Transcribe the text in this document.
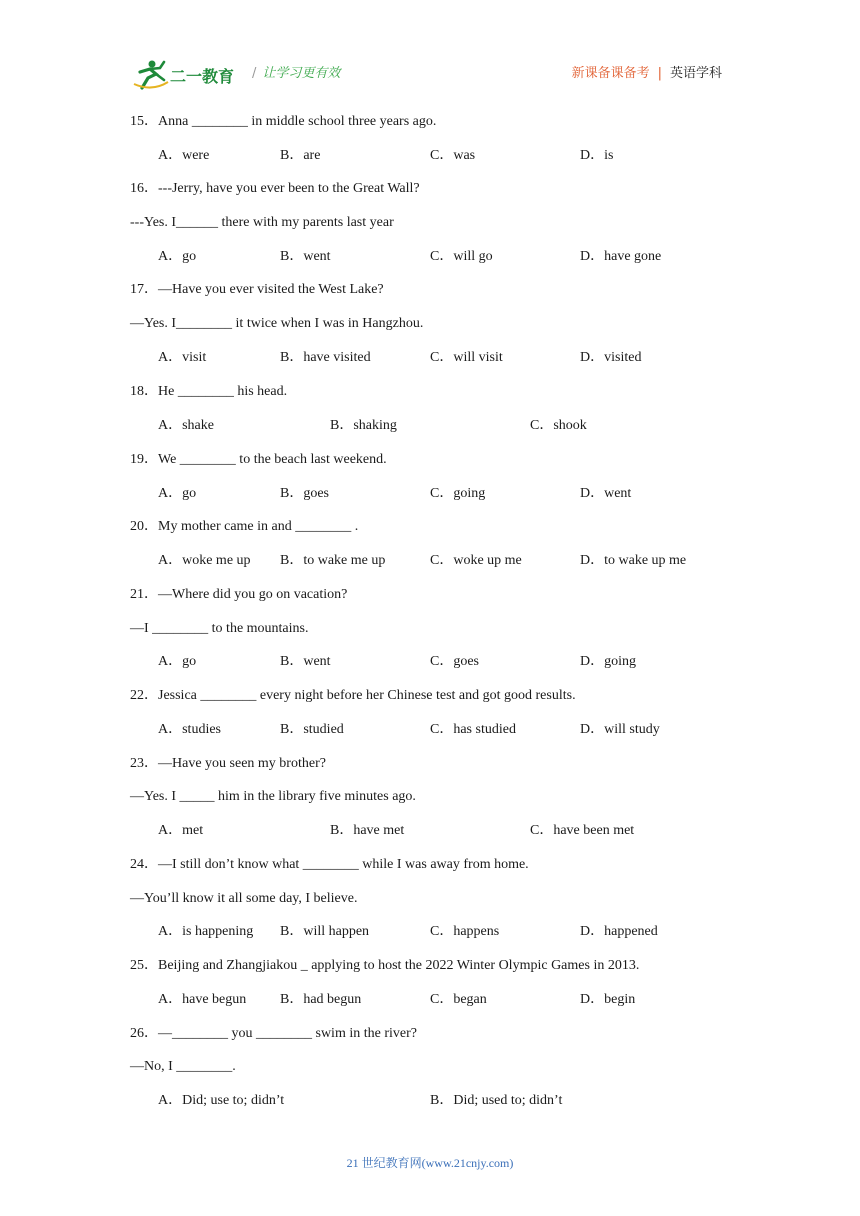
二一教育 / 让学习更有效	新课备课备考 | 英语学科
15．Anna ________ in middle school three years ago.
A．were	B．are	C．was	D．is
16．---Jerry, have you ever been to the Great Wall?
---Yes. I______ there with my parents last year
A．go	B．went	C．will go	D．have gone
17．—Have you ever visited the West Lake?
—Yes. I________ it twice when I was in Hangzhou.
A．visit	B．have visited	C．will visit	D．visited
18．He ________ his head.
A．shake	B．shaking	C．shook
19．We ________ to the beach last weekend.
A．go	B．goes	C．going	D．went
20．My mother came in and ________ .
A．woke me up B．to wake me up	C．woke up me	D．to wake up me
21．—Where did you go on vacation?
—I ________ to the mountains.
A．go	B．went	C．goes	D．going
22．Jessica ________ every night before her Chinese test and got good results.
A．studies	B．studied	C．has studied	D．will study
23．—Have you seen my brother?
—Yes. I _____ him in the library five minutes ago.
A．met	B．have met	C．have been met
24．—I still don’t know what ________ while I was away from home.
—You’ll know it all some day, I believe.
A．is happening B．will happen	C．happens	D．happened
25．Beijing and Zhangjiakou _ applying to host the 2022 Winter Olympic Games in 2013.
A．have begun B．had begun	C．began	D．begin
26．—________ you ________ swim in the river?
—No, I ________.
A．Did; use to; didn’t	B．Did; used to; didn’t
21 世纪教育网(www.21cnjy.com)
